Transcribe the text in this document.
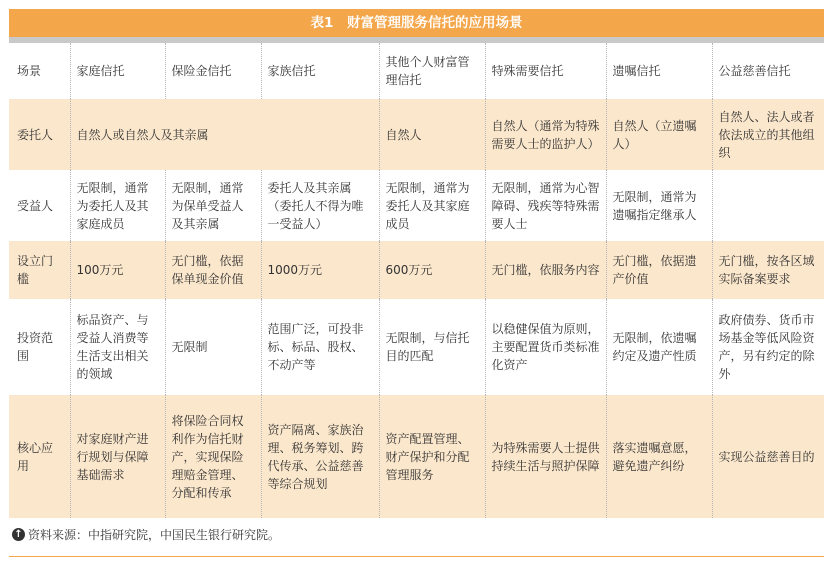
表1　财富管理服务信托的应用场景
场景	家庭信托	保险金信托	家族信托	其他个人财富管理信托	特殊需要信托	遗嘱信托	公益慈善信托
委托人	自然人或自然人及其亲属			自然人	自然人（通常为特殊需要人士的监护人）	自然人（立遗嘱人）	自然人、法人或者依法成立的其他组织
受益人	无限制，通常为委托人及其家庭成员	无限制，通常为保单受益人及其亲属	委托人及其亲属（委托人不得为唯一受益人）	无限制，通常为委托人及其家庭成员	无限制，通常为心智障碍、残疾等特殊需要人士	无限制，通常为遗嘱指定继承人	
设立门槛	100万元	无门槛，依据保单现金价值	1000万元	600万元	无门槛，依服务内容	无门槛，依据遗产价值	无门槛，按各区域实际备案要求
投资范围	标品资产、与受益人消费等生活支出相关的领域	无限制	范围广泛，可投非标、标品、股权、不动产等	无限制，与信托目的匹配	以稳健保值为原则，主要配置货币类标准化资产	无限制，依遗嘱约定及遗产性质	政府债券、货币市场基金等低风险资产，另有约定的除外
核心应用	对家庭财产进行规划与保障基础需求	将保险合同权利作为信托财产，实现保险理赔金管理、分配和传承	资产隔离、家族治理、税务筹划、跨代传承、公益慈善等综合规划	资产配置管理、财产保护和分配管理服务	为特殊需要人士提供持续生活与照护保障	落实遗嘱意愿，避免遗产纠纷	实现公益慈善目的
↑ 资料来源：中指研究院，中国民生银行研究院。
